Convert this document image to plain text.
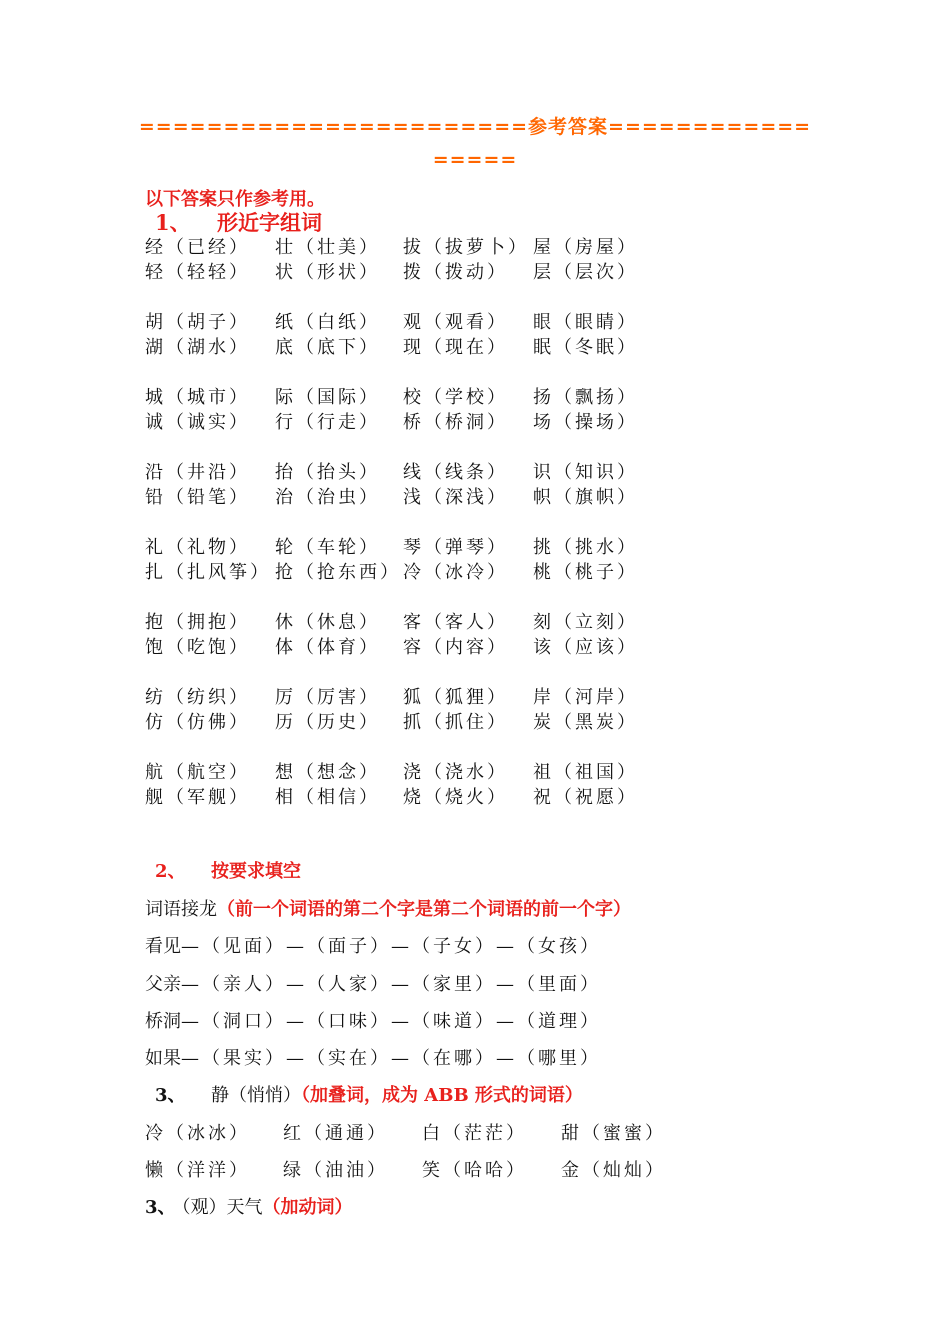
=======================参考答案============
=====
以下答案只作参考用。
1、 形近字组词
经（已经） 壮（壮美） 拔（拔萝卜） 屋（房屋）
轻（轻轻） 状（形状） 拨（拨动） 层（层次）
胡（胡子） 纸（白纸） 观（观看） 眼（眼睛）
湖（湖水） 底（底下） 现（现在） 眠（冬眠）
城（城市） 际（国际） 校（学校） 扬（飘扬）
诚（诚实） 行（行走） 桥（桥洞） 场（操场）
沿（井沿） 抬（抬头） 线（线条） 识（知识）
铅（铅笔） 治（治虫） 浅（深浅） 帜（旗帜）
礼（礼物） 轮（车轮） 琴（弹琴） 挑（挑水）
扎（扎风筝） 抢（抢东西） 冷（冰冷） 桃（桃子）
抱（拥抱） 休（休息） 客（客人） 刻（立刻）
饱（吃饱） 体（体育） 容（内容） 该（应该）
纺（纺织） 厉（厉害） 狐（狐狸） 岸（河岸）
仿（仿佛） 历（历史） 抓（抓住） 炭（黑炭）
航（航空） 想（想念） 浇（浇水） 祖（祖国）
舰（军舰） 相（相信） 烧（烧火） 祝（祝愿）
2、 按要求填空
词语接龙（前一个词语的第二个字是第二个词语的前一个字）
看见—（见面）—（面子）—（子女）—（女孩）
父亲—（亲人）—（人家）—（家里）—（里面）
桥洞—（洞口）—（口味）—（味道）—（道理）
如果—（果实）—（实在）—（在哪）—（哪里）
3、 静（悄悄）（加叠词，成为 ABB 形式的词语）
冷（冰冰） 红（通通） 白（茫茫） 甜（蜜蜜）
懒（洋洋） 绿（油油） 笑（哈哈） 金（灿灿）
3、 （观）天气（加动词）
